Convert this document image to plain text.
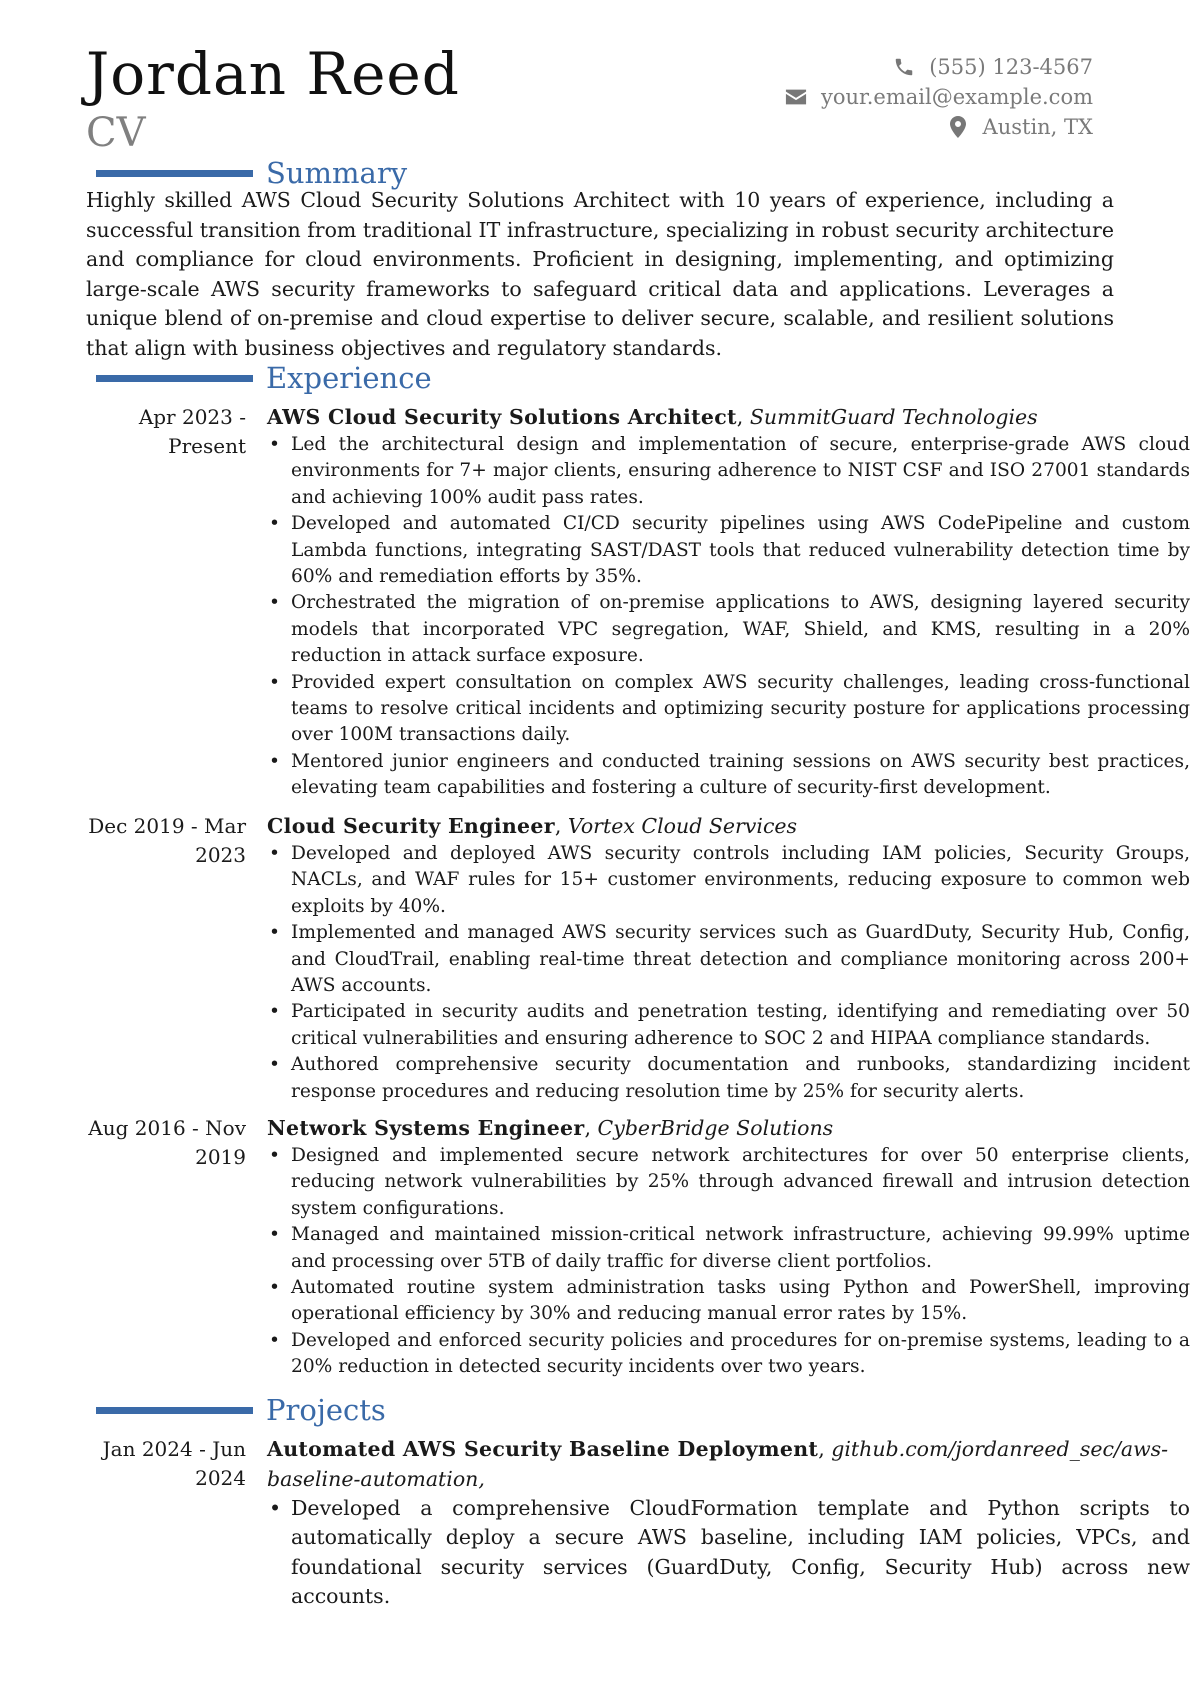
Jordan Reed
CV
(555) 123-4567
your.email@example.com
Austin, TX
Summary
Highly skilled AWS Cloud Security Solutions Architect with 10 years of experience, including a successful transition from traditional IT infrastructure, specializing in robust security architecture and compliance for cloud environments. Proficient in designing, implementing, and optimizing large-scale AWS security frameworks to safeguard critical data and applications. Leverages a unique blend of on-premise and cloud expertise to deliver secure, scalable, and resilient solutions that align with business objectives and regulatory standards.
Experience
Apr 2023 - Present
AWS Cloud Security Solutions Architect, SummitGuard Technologies
• Led the architectural design and implementation of secure, enterprise-grade AWS cloud environments for 7+ major clients, ensuring adherence to NIST CSF and ISO 27001 standards and achieving 100% audit pass rates.
• Developed and automated CI/CD security pipelines using AWS CodePipeline and custom Lambda functions, integrating SAST/DAST tools that reduced vulnerability detection time by 60% and remediation efforts by 35%.
• Orchestrated the migration of on-premise applications to AWS, designing layered security models that incorporated VPC segregation, WAF, Shield, and KMS, resulting in a 20% reduction in attack surface exposure.
• Provided expert consultation on complex AWS security challenges, leading cross-functional teams to resolve critical incidents and optimizing security posture for applications processing over 100M transactions daily.
• Mentored junior engineers and conducted training sessions on AWS security best practices, elevating team capabilities and fostering a culture of security-first development.
Dec 2019 - Mar 2023
Cloud Security Engineer, Vortex Cloud Services
• Developed and deployed AWS security controls including IAM policies, Security Groups, NACLs, and WAF rules for 15+ customer environments, reducing exposure to common web exploits by 40%.
• Implemented and managed AWS security services such as GuardDuty, Security Hub, Config, and CloudTrail, enabling real-time threat detection and compliance monitoring across 200+ AWS accounts.
• Participated in security audits and penetration testing, identifying and remediating over 50 critical vulnerabilities and ensuring adherence to SOC 2 and HIPAA compliance standards.
• Authored comprehensive security documentation and runbooks, standardizing incident response procedures and reducing resolution time by 25% for security alerts.
Aug 2016 - Nov 2019
Network Systems Engineer, CyberBridge Solutions
• Designed and implemented secure network architectures for over 50 enterprise clients, reducing network vulnerabilities by 25% through advanced firewall and intrusion detection system configurations.
• Managed and maintained mission-critical network infrastructure, achieving 99.99% uptime and processing over 5TB of daily traffic for diverse client portfolios.
• Automated routine system administration tasks using Python and PowerShell, improving operational efficiency by 30% and reducing manual error rates by 15%.
• Developed and enforced security policies and procedures for on-premise systems, leading to a 20% reduction in detected security incidents over two years.
Projects
Jan 2024 - Jun 2024
Automated AWS Security Baseline Deployment, github.com/jordanreed_sec/aws-baseline-automation,
• Developed a comprehensive CloudFormation template and Python scripts to automatically deploy a secure AWS baseline, including IAM policies, VPCs, and foundational security services (GuardDuty, Config, Security Hub) across new accounts.
